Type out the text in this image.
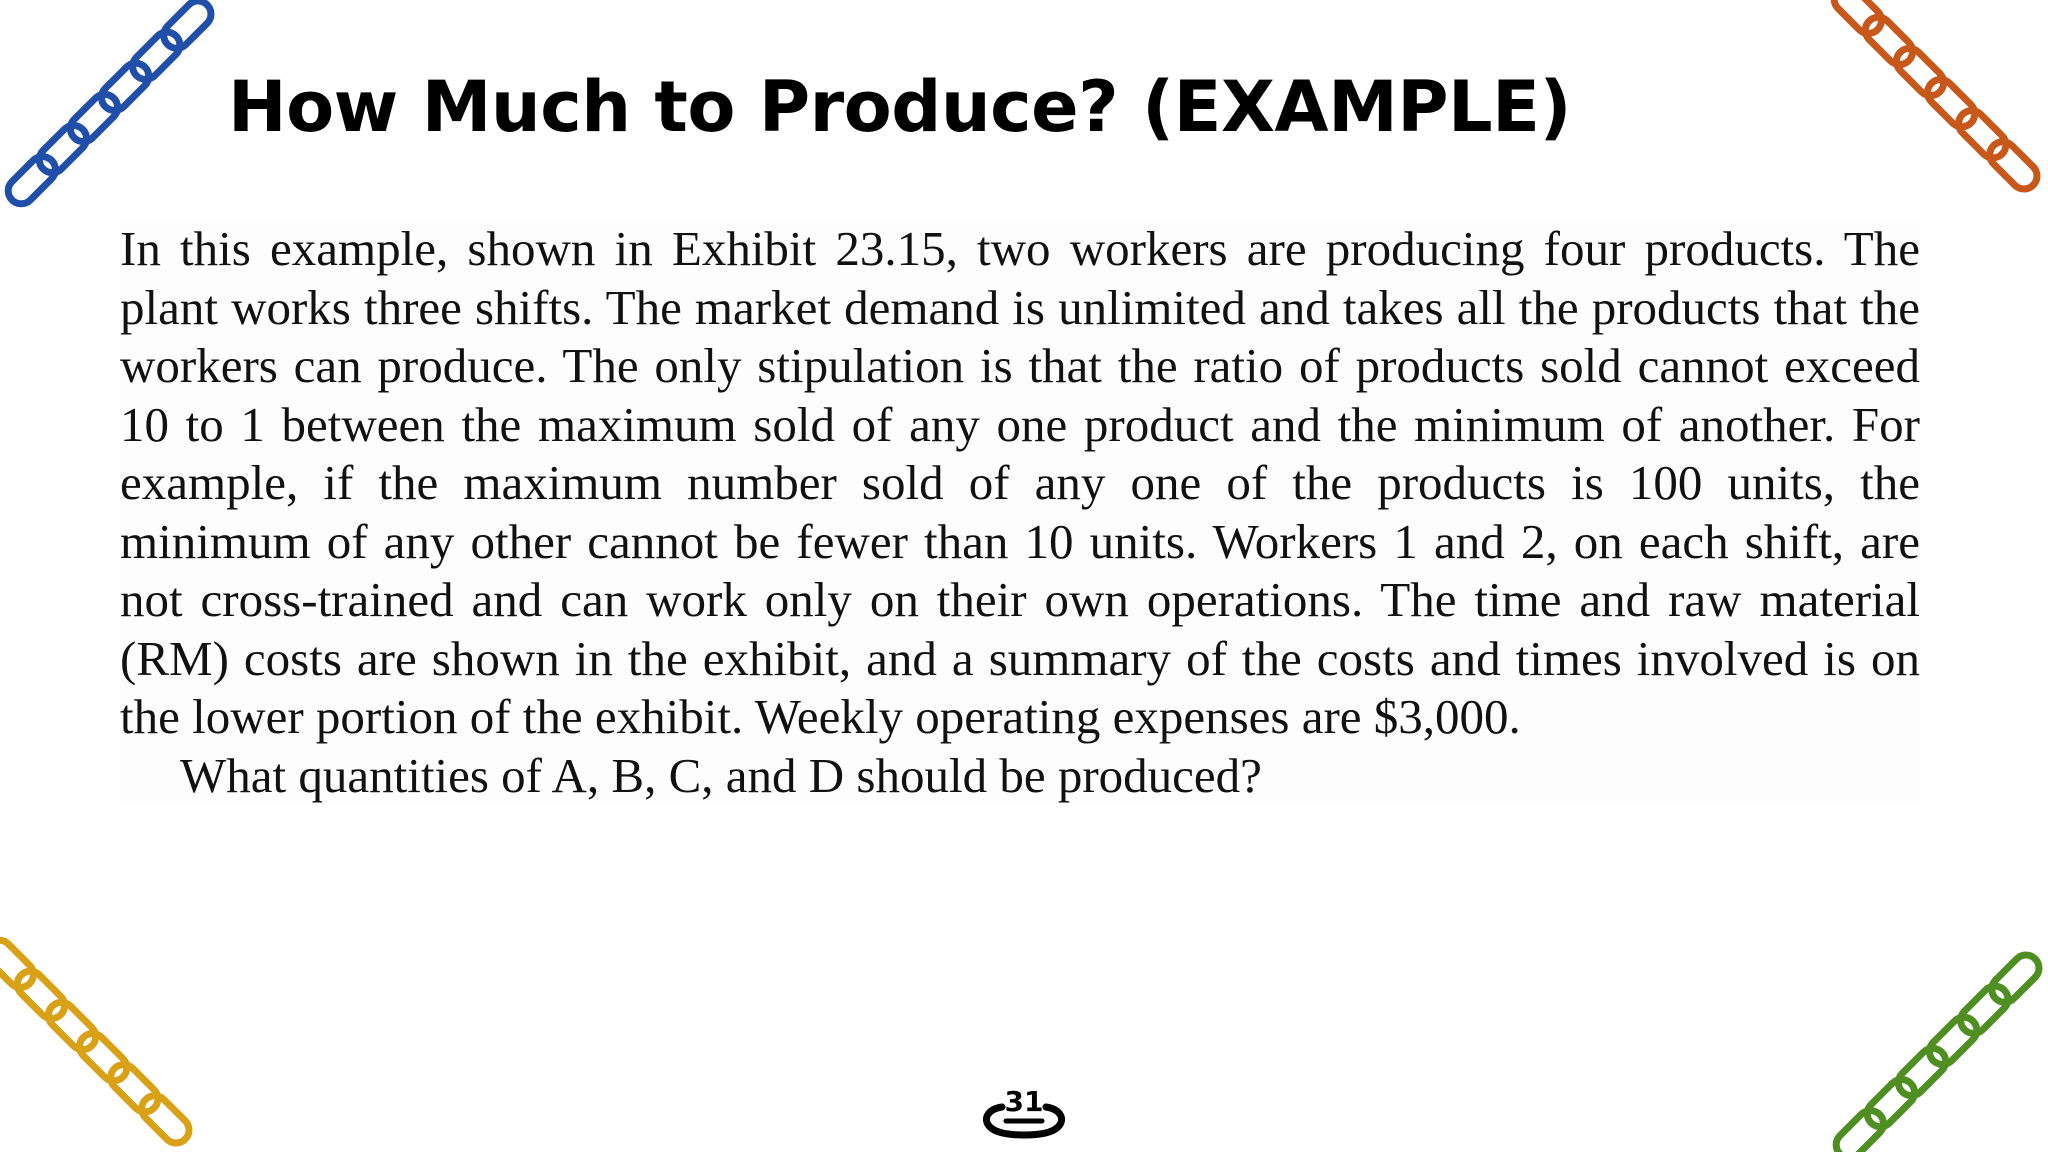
How Much to Produce? (EXAMPLE)

In this example, shown in Exhibit 23.15, two workers are producing four products. The plant works three shifts. The market demand is unlimited and takes all the products that the workers can produce. The only stipulation is that the ratio of products sold cannot exceed 10 to 1 between the maximum sold of any one product and the minimum of another. For example, if the maximum number sold of any one of the products is 100 units, the minimum of any other cannot be fewer than 10 units. Workers 1 and 2, on each shift, are not cross-trained and can work only on their own operations. The time and raw material (RM) costs are shown in the exhibit, and a summary of the costs and times involved is on the lower portion of the exhibit. Weekly operating expenses are $3,000.

What quantities of A, B, C, and D should be produced?

31
